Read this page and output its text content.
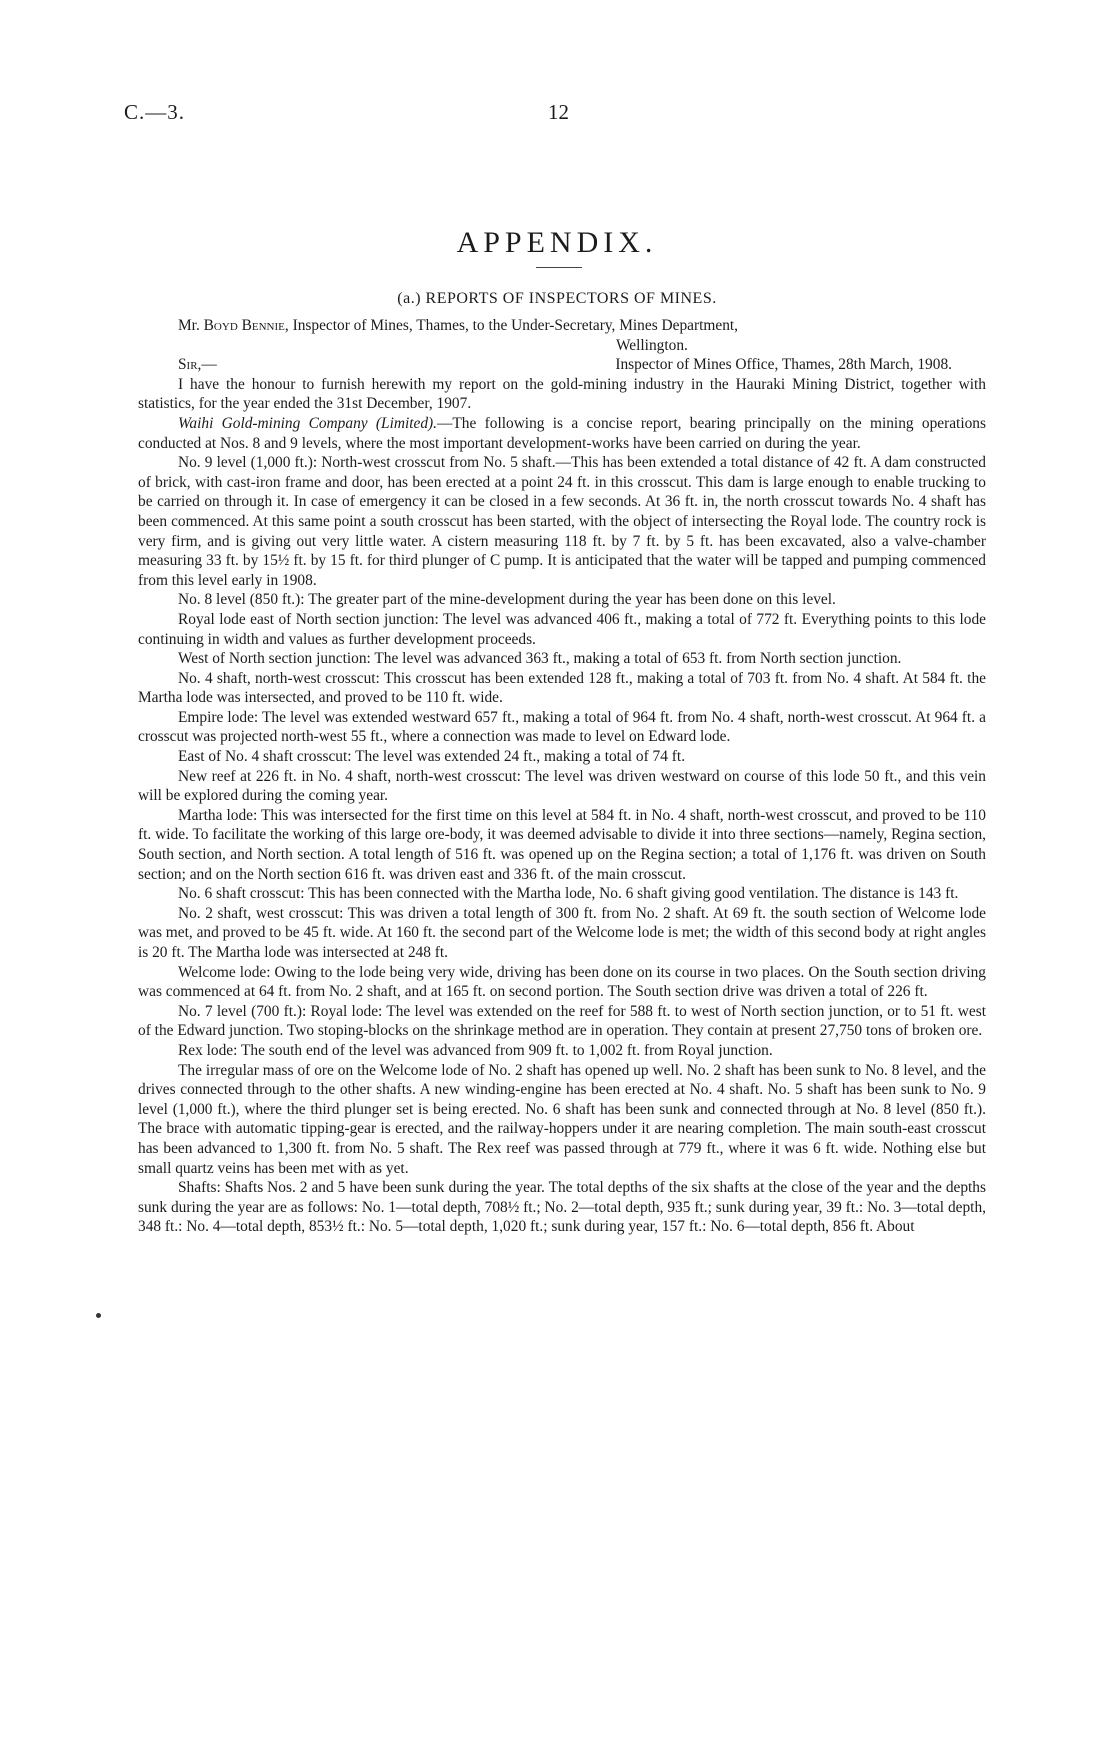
C.—3.	12
APPENDIX.
(a.) REPORTS OF INSPECTORS OF MINES.

Mr. Boyd Bennie, Inspector of Mines, Thames, to the Under-Secretary, Mines Department,

Wellington.

Sir,—	Inspector of Mines Office, Thames, 28th March, 1908.

I have the honour to furnish herewith my report on the gold-mining industry in the Hauraki Mining District, together with statistics, for the year ended the 31st December, 1907.

Waihi Gold-mining Company (Limited).—The following is a concise report, bearing principally on the mining operations conducted at Nos. 8 and 9 levels, where the most important development-works have been carried on during the year.

No. 9 level (1,000 ft.): North-west crosscut from No. 5 shaft.—This has been extended a total distance of 42 ft. A dam constructed of brick, with cast-iron frame and door, has been erected at a point 24 ft. in this crosscut. This dam is large enough to enable trucking to be carried on through it. In case of emergency it can be closed in a few seconds. At 36 ft. in, the north crosscut towards No. 4 shaft has been commenced. At this same point a south crosscut has been started, with the object of intersecting the Royal lode. The country rock is very firm, and is giving out very little water. A cistern measuring 118 ft. by 7 ft. by 5 ft. has been excavated, also a valve-chamber measuring 33 ft. by 15½ ft. by 15 ft. for third plunger of C pump. It is anticipated that the water will be tapped and pumping commenced from this level early in 1908.

No. 8 level (850 ft.): The greater part of the mine-development during the year has been done on this level.

Royal lode east of North section junction: The level was advanced 406 ft., making a total of 772 ft. Everything points to this lode continuing in width and values as further development proceeds.

West of North section junction: The level was advanced 363 ft., making a total of 653 ft. from North section junction.

No. 4 shaft, north-west crosscut: This crosscut has been extended 128 ft., making a total of 703 ft. from No. 4 shaft. At 584 ft. the Martha lode was intersected, and proved to be 110 ft. wide.

Empire lode: The level was extended westward 657 ft., making a total of 964 ft. from No. 4 shaft, north-west crosscut. At 964 ft. a crosscut was projected north-west 55 ft., where a connection was made to level on Edward lode.

East of No. 4 shaft crosscut: The level was extended 24 ft., making a total of 74 ft.

New reef at 226 ft. in No. 4 shaft, north-west crosscut: The level was driven westward on course of this lode 50 ft., and this vein will be explored during the coming year.

Martha lode: This was intersected for the first time on this level at 584 ft. in No. 4 shaft, north-west crosscut, and proved to be 110 ft. wide. To facilitate the working of this large ore-body, it was deemed advisable to divide it into three sections—namely, Regina section, South section, and North section. A total length of 516 ft. was opened up on the Regina section; a total of 1,176 ft. was driven on South section; and on the North section 616 ft. was driven east and 336 ft. of the main crosscut.

No. 6 shaft crosscut: This has been connected with the Martha lode, No. 6 shaft giving good ventilation. The distance is 143 ft.

No. 2 shaft, west crosscut: This was driven a total length of 300 ft. from No. 2 shaft. At 69 ft. the south section of Welcome lode was met, and proved to be 45 ft. wide. At 160 ft. the second part of the Welcome lode is met; the width of this second body at right angles is 20 ft. The Martha lode was intersected at 248 ft.

Welcome lode: Owing to the lode being very wide, driving has been done on its course in two places. On the South section driving was commenced at 64 ft. from No. 2 shaft, and at 165 ft. on second portion. The South section drive was driven a total of 226 ft.

No. 7 level (700 ft.): Royal lode: The level was extended on the reef for 588 ft. to west of North section junction, or to 51 ft. west of the Edward junction. Two stoping-blocks on the shrinkage method are in operation. They contain at present 27,750 tons of broken ore.

Rex lode: The south end of the level was advanced from 909 ft. to 1,002 ft. from Royal junction.

The irregular mass of ore on the Welcome lode of No. 2 shaft has opened up well. No. 2 shaft has been sunk to No. 8 level, and the drives connected through to the other shafts. A new winding-engine has been erected at No. 4 shaft. No. 5 shaft has been sunk to No. 9 level (1,000 ft.), where the third plunger set is being erected. No. 6 shaft has been sunk and connected through at No. 8 level (850 ft.). The brace with automatic tipping-gear is erected, and the railway-hoppers under it are nearing completion. The main south-east crosscut has been advanced to 1,300 ft. from No. 5 shaft. The Rex reef was passed through at 779 ft., where it was 6 ft. wide. Nothing else but small quartz veins has been met with as yet.

Shafts: Shafts Nos. 2 and 5 have been sunk during the year. The total depths of the six shafts at the close of the year and the depths sunk during the year are as follows: No. 1—total depth, 708½ ft.; No. 2—total depth, 935 ft.; sunk during year, 39 ft.: No. 3—total depth, 348 ft.: No. 4—total depth, 853½ ft.: No. 5—total depth, 1,020 ft.; sunk during year, 157 ft.: No. 6—total depth, 856 ft. About
